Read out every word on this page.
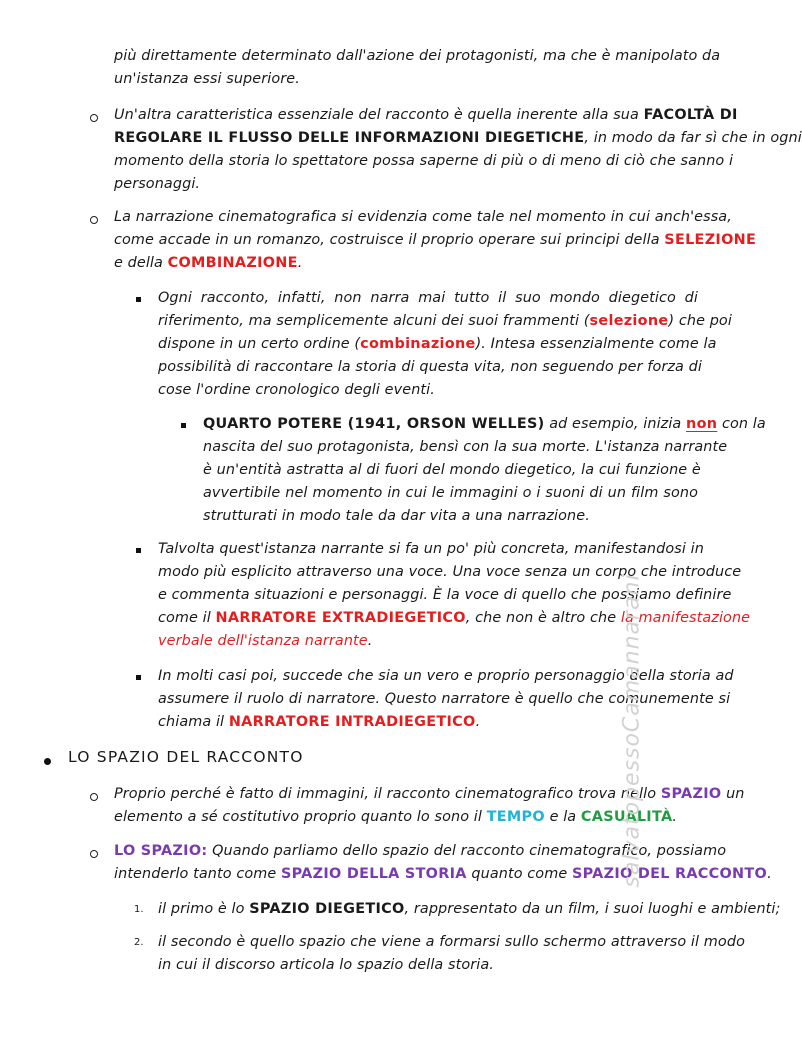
più direttamente determinato dall'azione dei protagonisti, ma che è manipolato da
un'istanza essi superiore.
Un'altra caratteristica essenziale del racconto è quella inerente alla sua FACOLTÀ DI
REGOLARE IL FLUSSO DELLE INFORMAZIONI DIEGETICHE, in modo da far sì che in ogni
momento della storia lo spettatore possa saperne di più o di meno di ciò che sanno i
personaggi.
La narrazione cinematografica si evidenzia come tale nel momento in cui anch'essa,
come accade in un romanzo, costruisce il proprio operare sui principi della SELEZIONE
e della COMBINAZIONE.
Ogni racconto, infatti, non narra mai tutto il suo mondo diegetico di
riferimento, ma semplicemente alcuni dei suoi frammenti (selezione) che poi
dispone in un certo ordine (combinazione). Intesa essenzialmente come la
possibilità di raccontare la storia di questa vita, non seguendo per forza di
cose l'ordine cronologico degli eventi.
QUARTO POTERE (1941, ORSON WELLES) ad esempio, inizia non con la
nascita del suo protagonista, bensì con la sua morte. L'istanza narrante
è un'entità astratta al di fuori del mondo diegetico, la cui funzione è
avvertibile nel momento in cui le immagini o i suoni di un film sono
strutturati in modo tale da dar vita a una narrazione.
Talvolta quest'istanza narrante si fa un po' più concreta, manifestandosi in
modo più esplicito attraverso una voce. Una voce senza un corpo che introduce
e commenta situazioni e personaggi. È la voce di quello che possiamo definire
come il NARRATORE EXTRADIEGETICO, che non è altro che la manifestazione
verbale dell'istanza narrante.
In molti casi poi, succede che sia un vero e proprio personaggio della storia ad
assumere il ruolo di narratore. Questo narratore è quello che comunemente si
chiama il NARRATORE INTRADIEGETICO.
LO SPAZIO DEL RACCONTO
Proprio perché è fatto di immagini, il racconto cinematografico trova nello SPAZIO un
elemento a sé costitutivo proprio quanto lo sono il TEMPO e la CASUALITÀ.
LO SPAZIO: Quando parliamo dello spazio del racconto cinematografico, possiamo
intenderlo tanto come SPAZIO DELLA STORIA quanto come SPAZIO DEL RACCONTO.
1. il primo è lo SPAZIO DIEGETICO, rappresentato da un film, i suoi luoghi e ambienti;
2. il secondo è quello spazio che viene a formarsi sullo schermo attraverso il modo
in cui il discorso articola lo spazio della storia.
salvatopessoCamannarani
